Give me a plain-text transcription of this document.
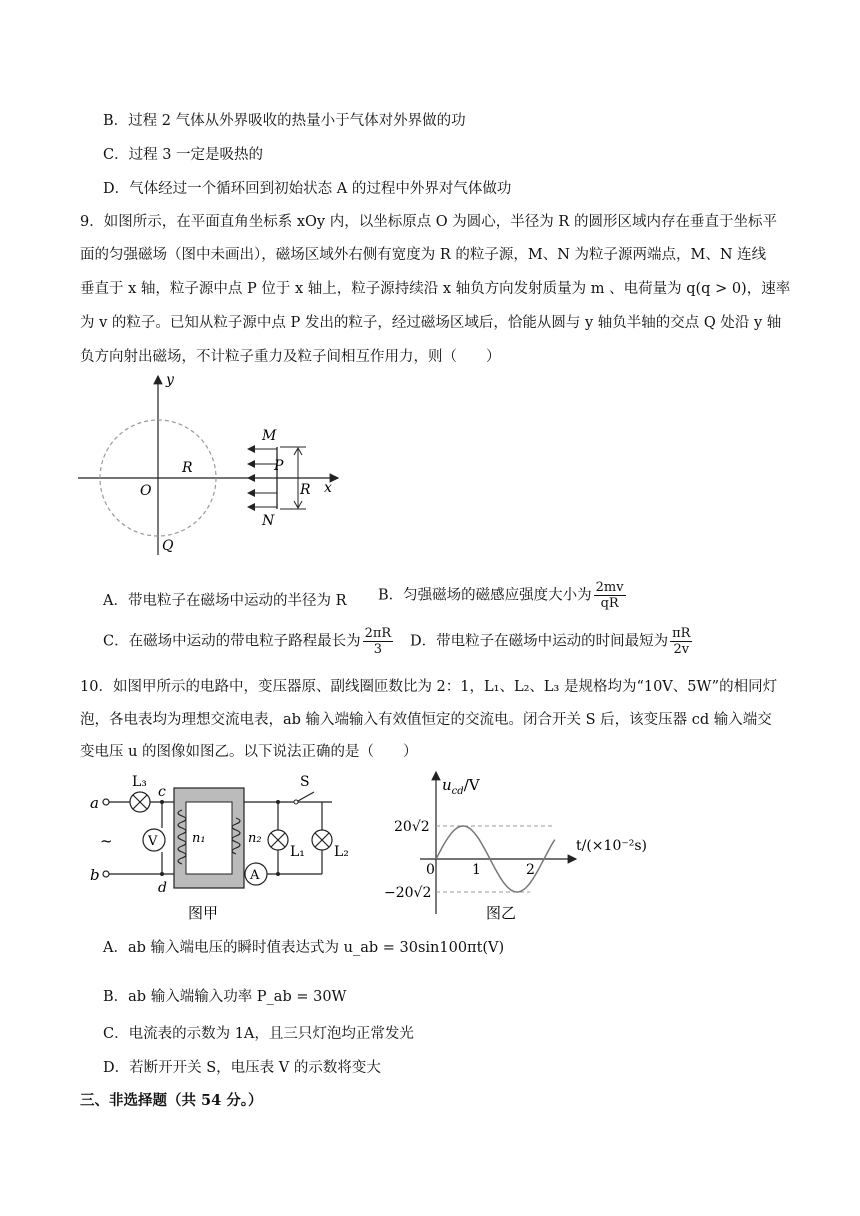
B．过程 2 气体从外界吸收的热量小于气体对外界做的功
C．过程 3 一定是吸热的
D．气体经过一个循环回到初始状态 A 的过程中外界对气体做功
9．如图所示，在平面直角坐标系 xOy 内，以坐标原点 O 为圆心，半径为 R 的圆形区域内存在垂直于坐标平
面的匀强磁场（图中未画出），磁场区域外右侧有宽度为 R 的粒子源，M、N 为粒子源两端点，M、N 连线
垂直于 x 轴，粒子源中点 P 位于 x 轴上，粒子源持续沿 x 轴负方向发射质量为 m 、电荷量为 q(q > 0)，速率
为 v 的粒子。已知从粒子源中点 P 发出的粒子，经过磁场区域后，恰能从圆与 y 轴负半轴的交点 Q 处沿 y 轴
负方向射出磁场，不计粒子重力及粒子间相互作用力，则（　　）
y
x
O
R
M
N
P
R
Q
A．带电粒子在磁场中运动的半径为 R B．匀强磁场的磁感应强度大小为 $\frac{2mv}{qR}$
C．在磁场中运动的带电粒子路程最长为 $\frac{2\pi R}{3}$ D．带电粒子在磁场中运动的时间最短为 $\frac{\pi R}{2v}$
10．如图甲所示的电路中，变压器原、副线圈匝数比为 2：1，L₁、L₂、L₃ 是规格均为“10V、5W”的相同灯
泡，各电表均为理想交流电表，ab 输入端输入有效值恒定的交流电。闭合开关 S 后，该变压器 cd 输入端交
变电压 u 的图像如图乙。以下说法正确的是（　　）
a
b
~
L₃
c
d
V	n₁	n₂
A
L₁
S
L₂
图甲
$u_{cd}/V$
t/(×10⁻²s)
20√2
−20√2
0	1	2
图乙
A．ab 输入端电压的瞬时值表达式为 u_ab = 30sin100πt(V)
B．ab 输入端输入功率 P_ab = 30W
C．电流表的示数为 1A，且三只灯泡均正常发光
D．若断开开关 S，电压表 V 的示数将变大
三、非选择题（共 54 分。）
